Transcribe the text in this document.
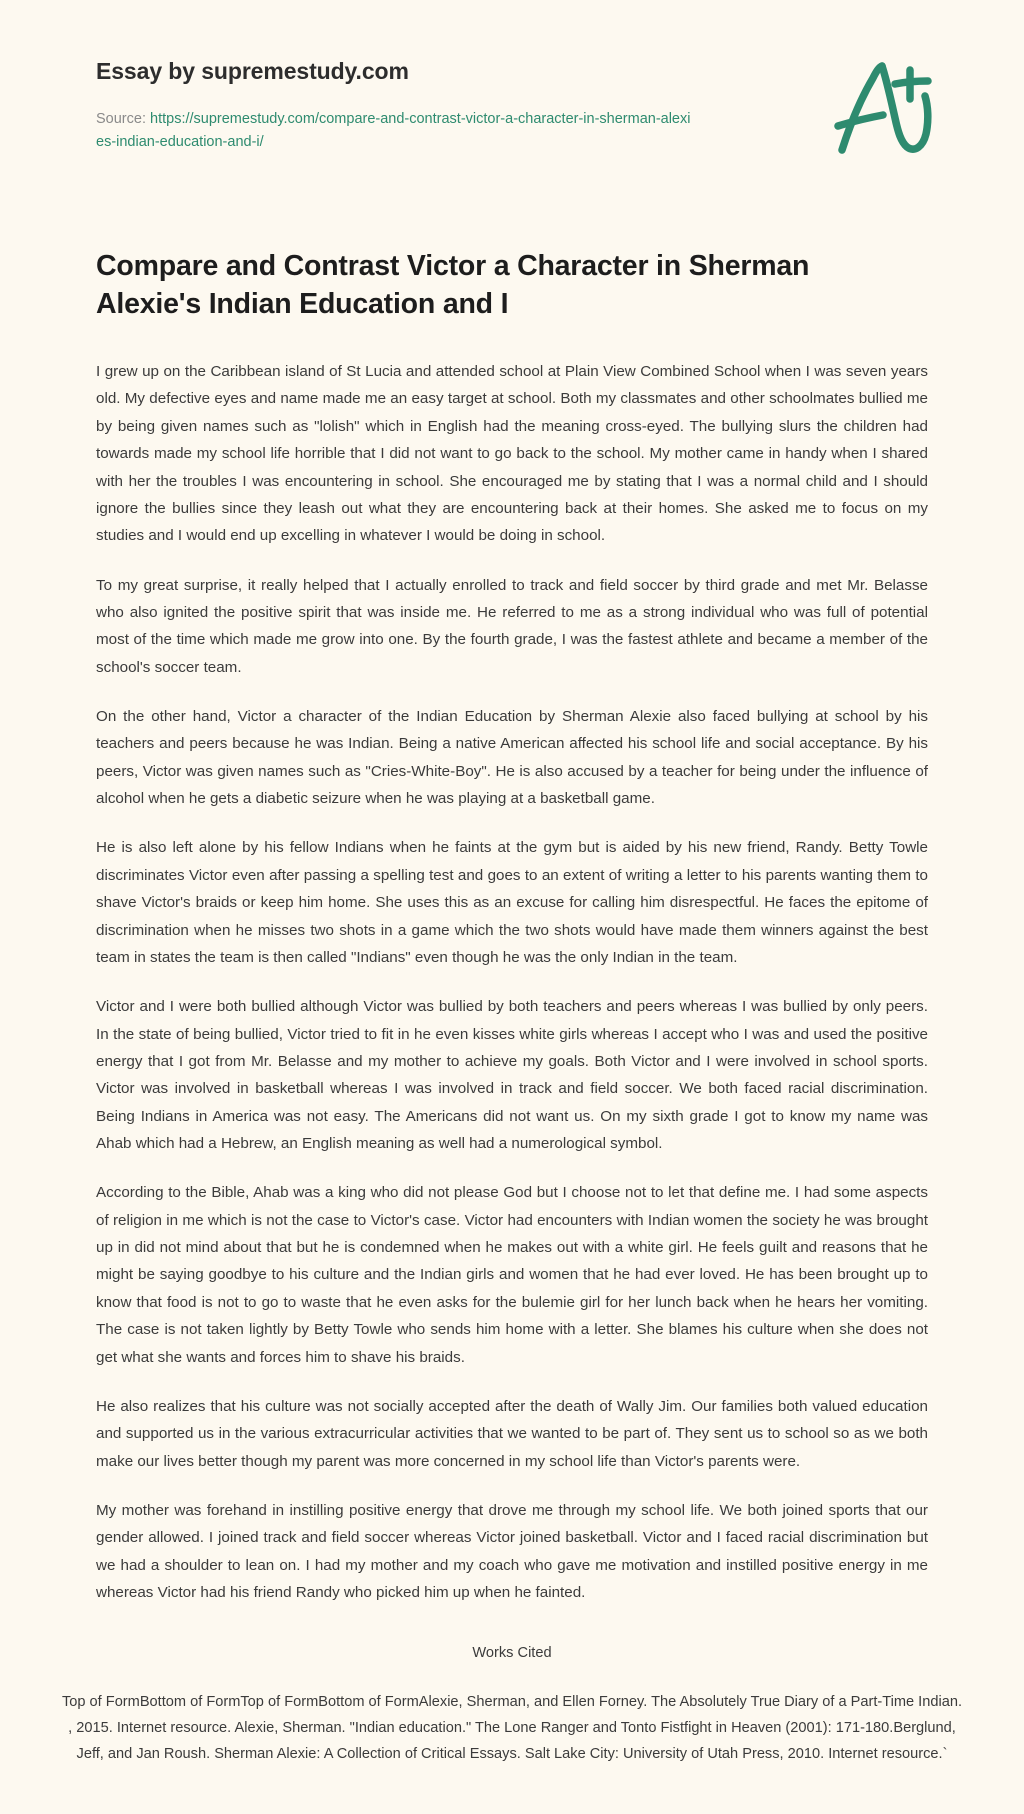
Essay by supremestudy.com
Source: https://supremestudy.com/compare-and-contrast-victor-a-character-in-sherman-alexies-indian-education-and-i/
Compare and Contrast Victor a Character in Sherman Alexie's Indian Education and I

I grew up on the Caribbean island of St Lucia and attended school at Plain View Combined School when I was seven years old. My defective eyes and name made me an easy target at school. Both my classmates and other schoolmates bullied me by being given names such as "lolish" which in English had the meaning cross-eyed. The bullying slurs the children had towards made my school life horrible that I did not want to go back to the school. My mother came in handy when I shared with her the troubles I was encountering in school. She encouraged me by stating that I was a normal child and I should ignore the bullies since they leash out what they are encountering back at their homes. She asked me to focus on my studies and I would end up excelling in whatever I would be doing in school.

To my great surprise, it really helped that I actually enrolled to track and field soccer by third grade and met Mr. Belasse who also ignited the positive spirit that was inside me. He referred to me as a strong individual who was full of potential most of the time which made me grow into one. By the fourth grade, I was the fastest athlete and became a member of the school's soccer team.

On the other hand, Victor a character of the Indian Education by Sherman Alexie also faced bullying at school by his teachers and peers because he was Indian. Being a native American affected his school life and social acceptance. By his peers, Victor was given names such as "Cries-White-Boy". He is also accused by a teacher for being under the influence of alcohol when he gets a diabetic seizure when he was playing at a basketball game.

He is also left alone by his fellow Indians when he faints at the gym but is aided by his new friend, Randy. Betty Towle discriminates Victor even after passing a spelling test and goes to an extent of writing a letter to his parents wanting them to shave Victor's braids or keep him home. She uses this as an excuse for calling him disrespectful. He faces the epitome of discrimination when he misses two shots in a game which the two shots would have made them winners against the best team in states the team is then called "Indians" even though he was the only Indian in the team.

Victor and I were both bullied although Victor was bullied by both teachers and peers whereas I was bullied by only peers. In the state of being bullied, Victor tried to fit in he even kisses white girls whereas I accept who I was and used the positive energy that I got from Mr. Belasse and my mother to achieve my goals. Both Victor and I were involved in school sports. Victor was involved in basketball whereas I was involved in track and field soccer. We both faced racial discrimination. Being Indians in America was not easy. The Americans did not want us. On my sixth grade I got to know my name was Ahab which had a Hebrew, an English meaning as well had a numerological symbol.

According to the Bible, Ahab was a king who did not please God but I choose not to let that define me. I had some aspects of religion in me which is not the case to Victor's case. Victor had encounters with Indian women the society he was brought up in did not mind about that but he is condemned when he makes out with a white girl. He feels guilt and reasons that he might be saying goodbye to his culture and the Indian girls and women that he had ever loved. He has been brought up to know that food is not to go to waste that he even asks for the bulemie girl for her lunch back when he hears her vomiting. The case is not taken lightly by Betty Towle who sends him home with a letter. She blames his culture when she does not get what she wants and forces him to shave his braids.

He also realizes that his culture was not socially accepted after the death of Wally Jim. Our families both valued education and supported us in the various extracurricular activities that we wanted to be part of. They sent us to school so as we both make our lives better though my parent was more concerned in my school life than Victor's parents were.

My mother was forehand in instilling positive energy that drove me through my school life. We both joined sports that our gender allowed. I joined track and field soccer whereas Victor joined basketball. Victor and I faced racial discrimination but we had a shoulder to lean on. I had my mother and my coach who gave me motivation and instilled positive energy in me whereas Victor had his friend Randy who picked him up when he fainted.

Works Cited

Top of FormBottom of FormTop of FormBottom of FormAlexie, Sherman, and Ellen Forney. The Absolutely True Diary of a Part-Time Indian. , 2015. Internet resource. Alexie, Sherman. "Indian education." The Lone Ranger and Tonto Fistfight in Heaven (2001): 171-180.Berglund, Jeff, and Jan Roush. Sherman Alexie: A Collection of Critical Essays. Salt Lake City: University of Utah Press, 2010. Internet resource.`
